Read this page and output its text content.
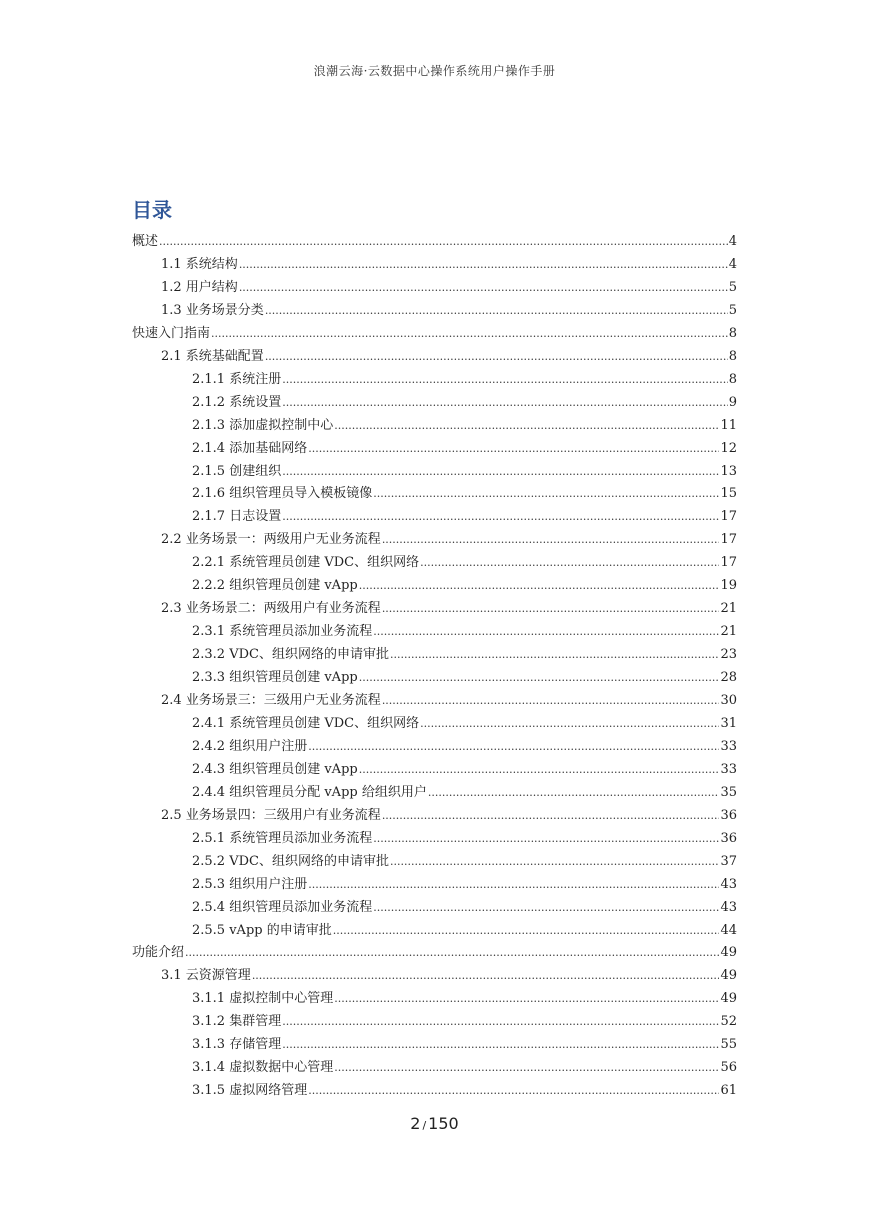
浪潮云海·云数据中心操作系统用户操作手册
目录
概述 .....	4
1.1 系统结构 .....	4
1.2 用户结构 .....	5
1.3 业务场景分类 .....	5
快速入门指南 .....	8
2.1 系统基础配置 .....	8
2.1.1 系统注册 .....	8
2.1.2 系统设置 .....	9
2.1.3 添加虚拟控制中心 .....	11
2.1.4 添加基础网络 .....	12
2.1.5 创建组织 .....	13
2.1.6 组织管理员导入模板镜像 .....	15
2.1.7 日志设置 .....	17
2.2 业务场景一：两级用户无业务流程 .....	17
2.2.1 系统管理员创建 VDC、组织网络 .....	17
2.2.2 组织管理员创建 vApp .....	19
2.3 业务场景二：两级用户有业务流程 .....	21
2.3.1 系统管理员添加业务流程 .....	21
2.3.2 VDC、组织网络的申请审批 .....	23
2.3.3 组织管理员创建 vApp .....	28
2.4 业务场景三：三级用户无业务流程 .....	30
2.4.1 系统管理员创建 VDC、组织网络 .....	31
2.4.2 组织用户注册 .....	33
2.4.3 组织管理员创建 vApp .....	33
2.4.4 组织管理员分配 vApp 给组织用户 .....	35
2.5 业务场景四：三级用户有业务流程 .....	36
2.5.1 系统管理员添加业务流程 .....	36
2.5.2 VDC、组织网络的申请审批 .....	37
2.5.3 组织用户注册 .....	43
2.5.4 组织管理员添加业务流程 .....	43
2.5.5 vApp 的申请审批 .....	44
功能介绍 .....	49
3.1 云资源管理 .....	49
3.1.1 虚拟控制中心管理 .....	49
3.1.2 集群管理 .....	52
3.1.3 存储管理 .....	55
3.1.4 虚拟数据中心管理 .....	56
3.1.5 虚拟网络管理 .....	61
2 / 150
